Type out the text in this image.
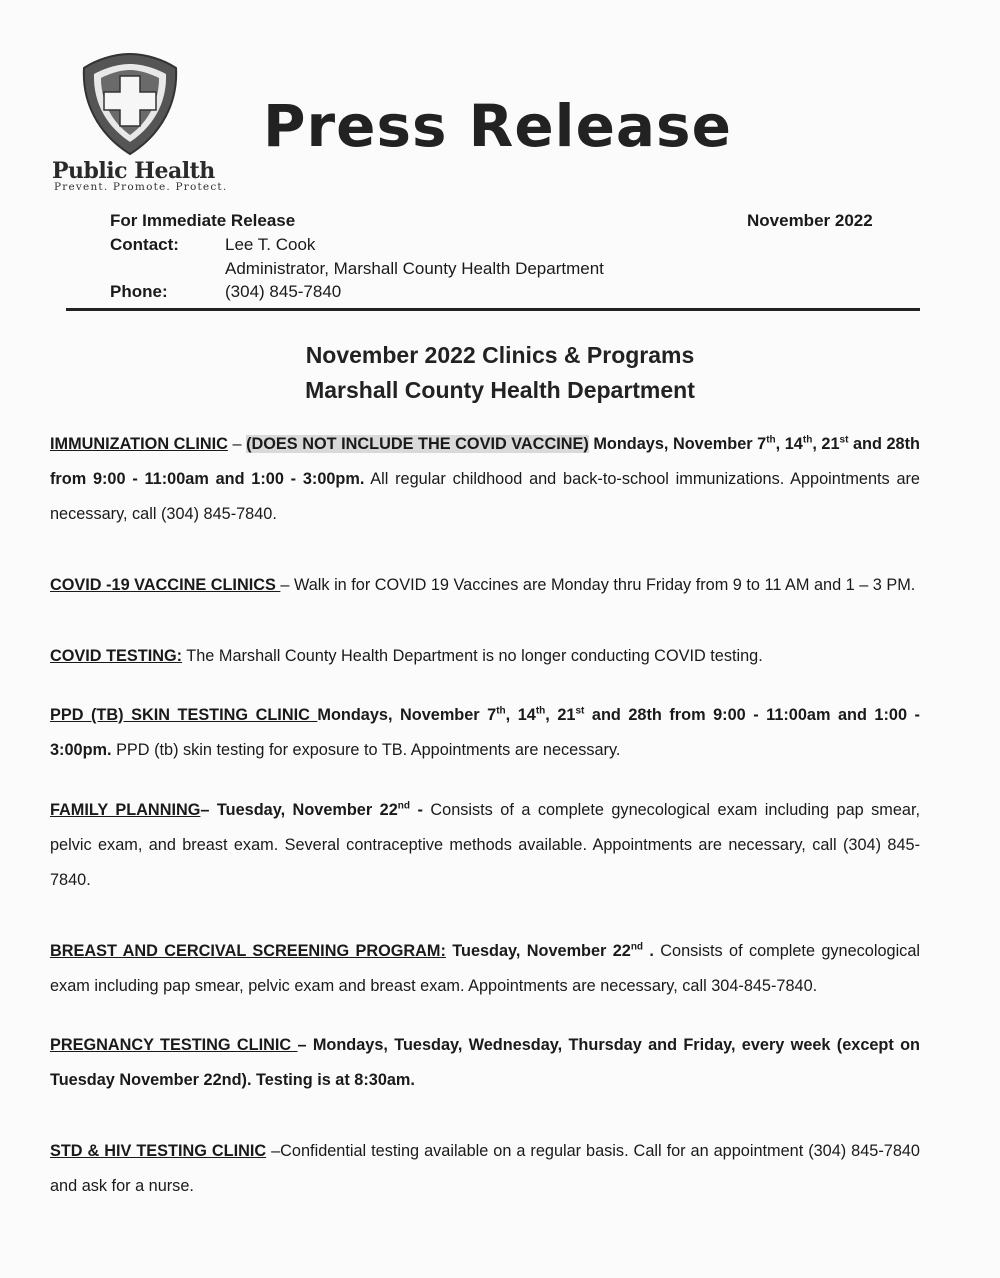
Public Health
Prevent. Promote. Protect.
Press Release
For Immediate Release	November 2022
Contact:	Lee T. Cook
Administrator, Marshall County Health Department
Phone:	(304) 845-7840
November 2022 Clinics & Programs
Marshall County Health Department
IMMUNIZATION CLINIC – (DOES NOT INCLUDE THE COVID VACCINE) Mondays, November 7th, 14th, 21st and 28th from 9:00 - 11:00am and 1:00 - 3:00pm. All regular childhood and back-to-school immunizations. Appointments are necessary, call (304) 845-7840.
COVID -19 VACCINE CLINICS – Walk in for COVID 19 Vaccines are Monday thru Friday from 9 to 11 AM and 1 – 3 PM.
COVID TESTING: The Marshall County Health Department is no longer conducting COVID testing.
PPD (TB) SKIN TESTING CLINIC Mondays, November 7th, 14th, 21st and 28th from 9:00 - 11:00am and 1:00 - 3:00pm. PPD (tb) skin testing for exposure to TB. Appointments are necessary.
FAMILY PLANNING– Tuesday, November 22nd - Consists of a complete gynecological exam including pap smear, pelvic exam, and breast exam. Several contraceptive methods available. Appointments are necessary, call (304) 845-7840.
BREAST AND CERCIVAL SCREENING PROGRAM: Tuesday, November 22nd . Consists of complete gynecological exam including pap smear, pelvic exam and breast exam. Appointments are necessary, call 304-845-7840.
PREGNANCY TESTING CLINIC – Mondays, Tuesday, Wednesday, Thursday and Friday, every week (except on Tuesday November 22nd). Testing is at 8:30am.
STD & HIV TESTING CLINIC –Confidential testing available on a regular basis. Call for an appointment (304) 845-7840 and ask for a nurse.
